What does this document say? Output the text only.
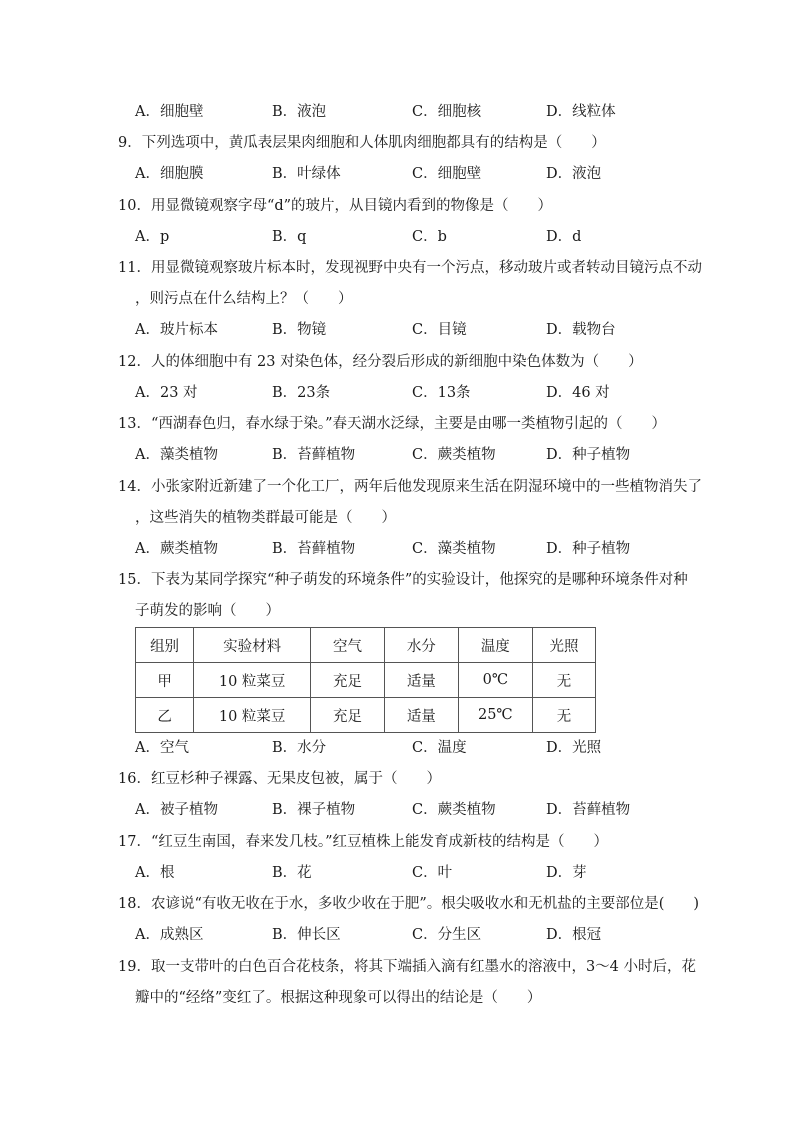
A．细胞壁	B．液泡	C．细胞核	D．线粒体
9．下列选项中，黄瓜表层果肉细胞和人体肌肉细胞都具有的结构是（　　）
A．细胞膜	B．叶绿体	C．细胞壁	D．液泡
10．用显微镜观察字母“d”的玻片，从目镜内看到的物像是（　　）
A．p	B．q	C．b	D．d
11．用显微镜观察玻片标本时，发现视野中央有一个污点，移动玻片或者转动目镜污点不动
，则污点在什么结构上？（　　）
A．玻片标本	B．物镜	C．目镜	D．载物台
12．人的体细胞中有 23 对染色体，经分裂后形成的新细胞中染色体数为（　　）
A．23 对	B．23条	C．13条	D．46 对
13．“西湖春色归，春水绿于染。”春天湖水泛绿，主要是由哪一类植物引起的（　　）
A．藻类植物	B．苔藓植物	C．蕨类植物	D．种子植物
14．小张家附近新建了一个化工厂，两年后他发现原来生活在阴湿环境中的一些植物消失了
，这些消失的植物类群最可能是（　　）
A．蕨类植物	B．苔藓植物	C．藻类植物	D．种子植物
15．下表为某同学探究“种子萌发的环境条件”的实验设计，他探究的是哪种环境条件对种
子萌发的影响（　　）
组别	实验材料	空气	水分	温度	光照
甲	10 粒菜豆	充足	适量	0℃	无
乙	10 粒菜豆	充足	适量	25℃	无
A．空气	B．水分	C．温度	D．光照
16．红豆杉种子裸露、无果皮包被，属于（　　）
A．被子植物	B．裸子植物	C．蕨类植物	D．苔藓植物
17．“红豆生南国，春来发几枝。”红豆植株上能发育成新枝的结构是（　　）
A．根	B．花	C．叶	D．芽
18．农谚说“有收无收在于水，多收少收在于肥”。根尖吸收水和无机盐的主要部位是(　　)
A．成熟区	B．伸长区	C．分生区	D．根冠
19．取一支带叶的白色百合花枝条，将其下端插入滴有红墨水的溶液中，3～4 小时后，花
瓣中的“经络”变红了。根据这种现象可以得出的结论是（　　）
